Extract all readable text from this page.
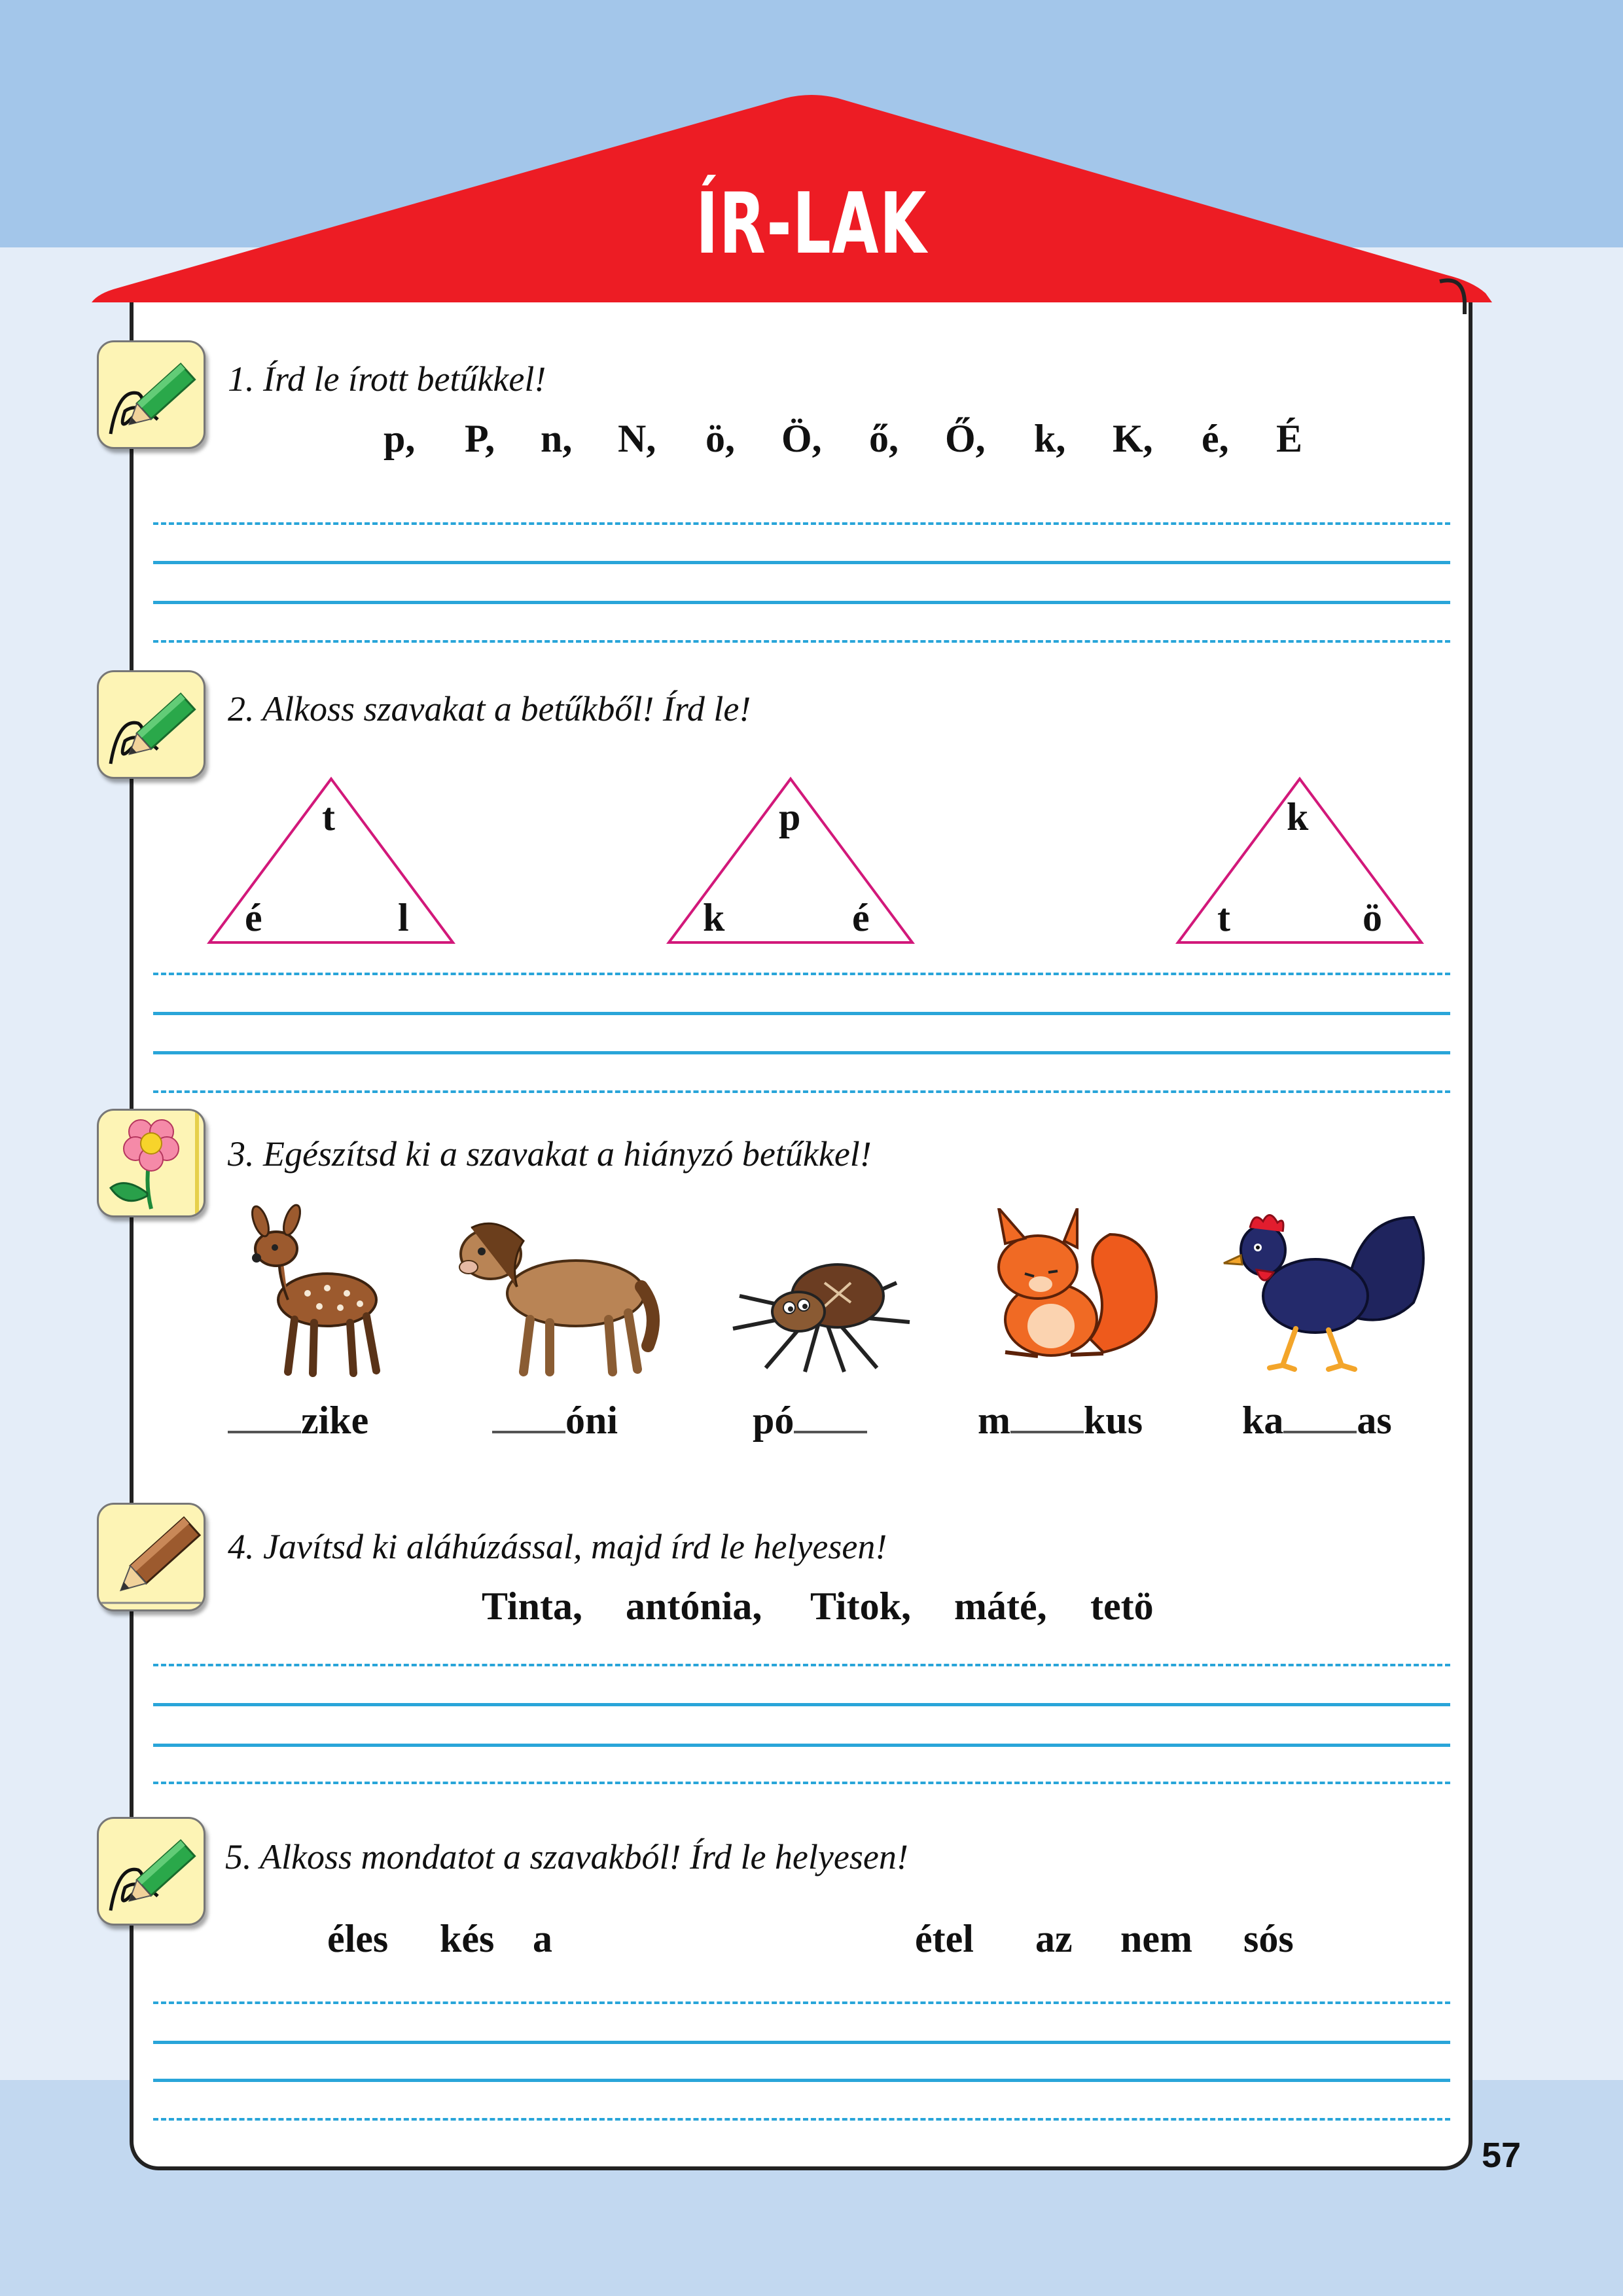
ÍR-LAK
1. Írd le írott betűkkel!
p, P, n, N, ö, Ö, ő, Ő, k, K, é, É
2. Alkoss szavakat a betűkből! Írd le!
t
é	l
p
k	é
k
t	ö
3. Egészítsd ki a szavakat a hiányzó betűkkel!
zike	óni	pó	m kus	ka as
4. Javítsd ki aláhúzással, majd írd le helyesen!
Tinta, antónia, Titok, máté, tetö
5. Alkoss mondatot a szavakból! Írd le helyesen!
éles kés a	étel az nem sós
57
